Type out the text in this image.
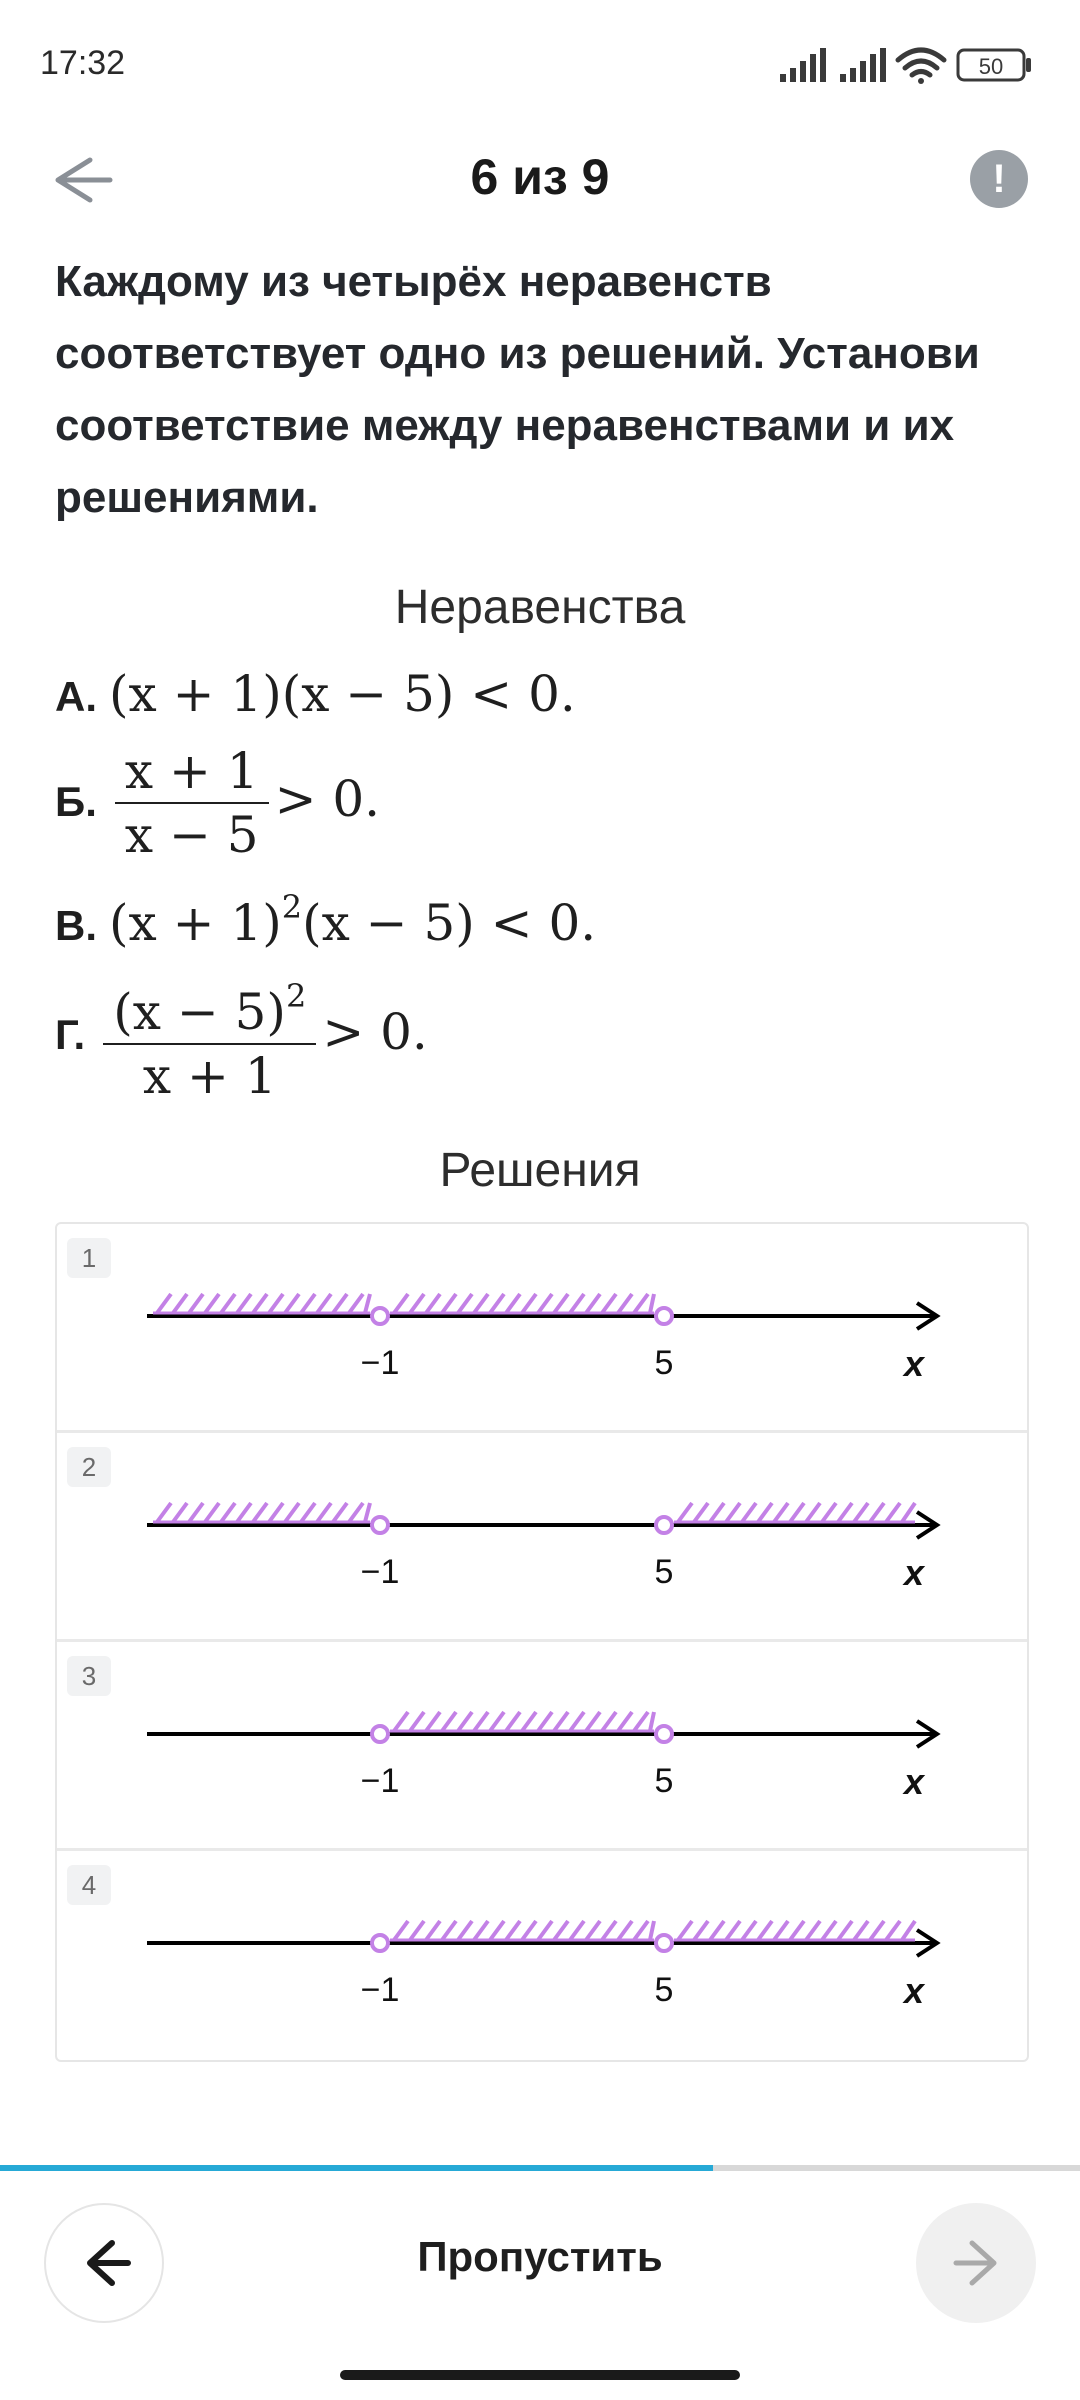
17:32	50
6 из 9	!
Каждому из четырёх неравенств соответствует одно из решений. Установи соответствие между неравенствами и их решениями.
Неравенства
А. (x + 1)(x − 5) < 0.
Б. $\frac{x + 1}{x - 5} > 0$.
В. $(x + 1)^2(x - 5) < 0$.
Г. $\frac{(x - 5)^2}{x + 1} > 0$.
Решения
1
−1	5	x
2
−1	5	x
3
−1	5	x
4
−1	5	x
Пропустить
